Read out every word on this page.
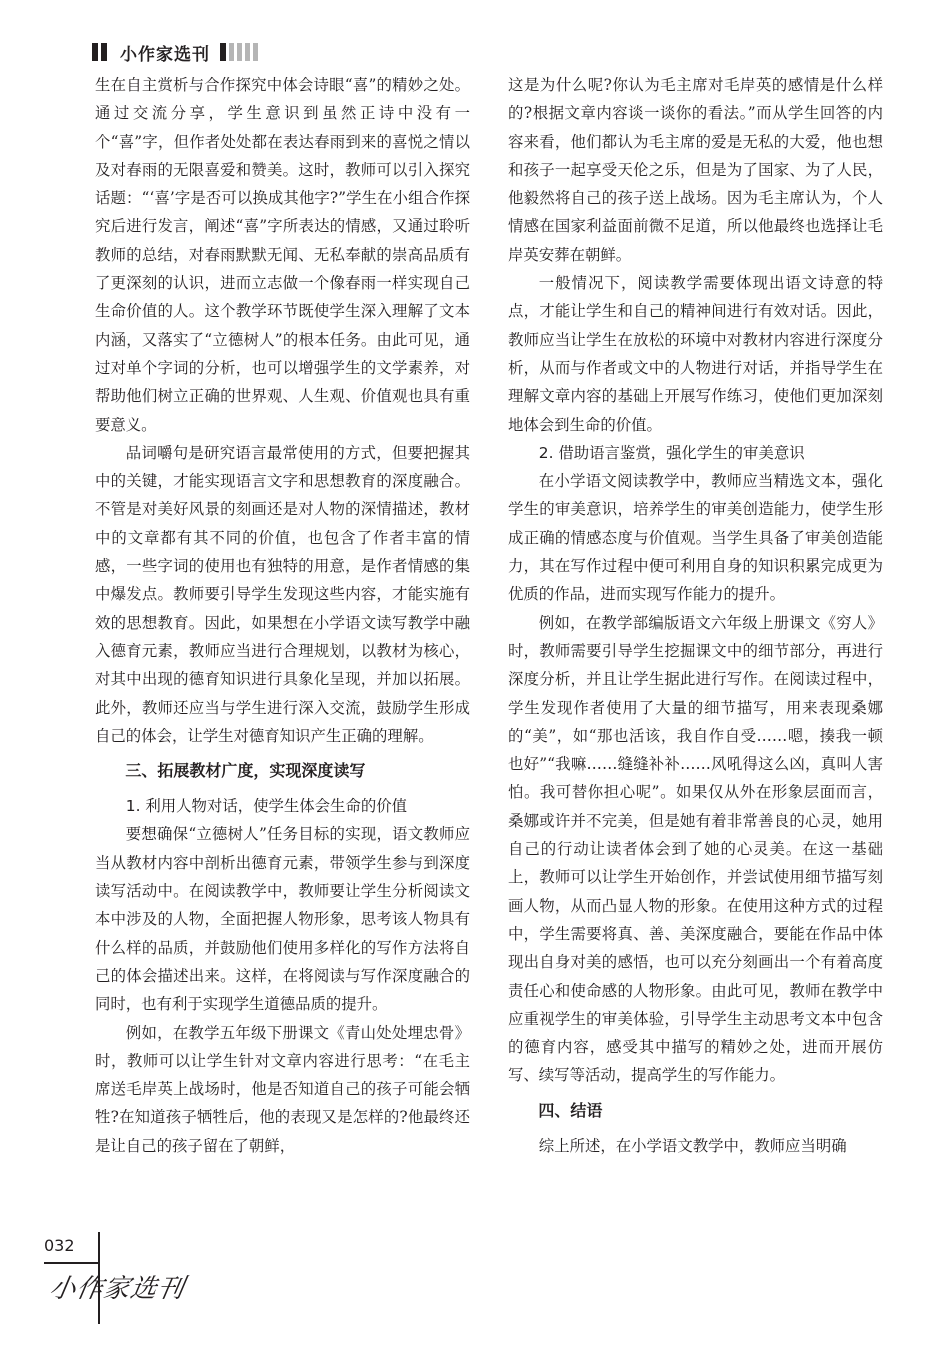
小作家选刊

生在自主赏析与合作探究中体会诗眼“喜”的精妙之处。通过交流分享，学生意识到虽然正诗中没有一个“喜”字，但作者处处都在表达春雨到来的喜悦之情以及对春雨的无限喜爱和赞美。这时，教师可以引入探究话题：“‘喜’字是否可以换成其他字?”学生在小组合作探究后进行发言，阐述“喜”字所表达的情感，又通过聆听教师的总结，对春雨默默无闻、无私奉献的崇高品质有了更深刻的认识，进而立志做一个像春雨一样实现自己生命价值的人。这个教学环节既使学生深入理解了文本内涵，又落实了“立德树人”的根本任务。由此可见，通过对单个字词的分析，也可以增强学生的文学素养，对帮助他们树立正确的世界观、人生观、价值观也具有重要意义。

品词嚼句是研究语言最常使用的方式，但要把握其中的关键，才能实现语言文字和思想教育的深度融合。不管是对美好风景的刻画还是对人物的深情描述，教材中的文章都有其不同的价值，也包含了作者丰富的情感，一些字词的使用也有独特的用意，是作者情感的集中爆发点。教师要引导学生发现这些内容，才能实施有效的思想教育。因此，如果想在小学语文读写教学中融入德育元素，教师应当进行合理规划，以教材为核心，对其中出现的德育知识进行具象化呈现，并加以拓展。此外，教师还应当与学生进行深入交流，鼓励学生形成自己的体会，让学生对德育知识产生正确的理解。

三、拓展教材广度，实现深度读写

1. 利用人物对话，使学生体会生命的价值

要想确保“立德树人”任务目标的实现，语文教师应当从教材内容中剖析出德育元素，带领学生参与到深度读写活动中。在阅读教学中，教师要让学生分析阅读文本中涉及的人物，全面把握人物形象，思考该人物具有什么样的品质，并鼓励他们使用多样化的写作方法将自己的体会描述出来。这样，在将阅读与写作深度融合的同时，也有利于实现学生道德品质的提升。

例如，在教学五年级下册课文《青山处处埋忠骨》时，教师可以让学生针对文章内容进行思考：“在毛主席送毛岸英上战场时，他是否知道自己的孩子可能会牺牲?在知道孩子牺牲后，他的表现又是怎样的?他最终还是让自己的孩子留在了朝鲜，

这是为什么呢?你认为毛主席对毛岸英的感情是什么样的?根据文章内容谈一谈你的看法。”而从学生回答的内容来看，他们都认为毛主席的爱是无私的大爱，他也想和孩子一起享受天伦之乐，但是为了国家、为了人民，他毅然将自己的孩子送上战场。因为毛主席认为，个人情感在国家利益面前微不足道，所以他最终也选择让毛岸英安葬在朝鲜。

一般情况下，阅读教学需要体现出语文诗意的特点，才能让学生和自己的精神间进行有效对话。因此，教师应当让学生在放松的环境中对教材内容进行深度分析，从而与作者或文中的人物进行对话，并指导学生在理解文章内容的基础上开展写作练习，使他们更加深刻地体会到生命的价值。

2. 借助语言鉴赏，强化学生的审美意识

在小学语文阅读教学中，教师应当精选文本，强化学生的审美意识，培养学生的审美创造能力，使学生形成正确的情感态度与价值观。当学生具备了审美创造能力，其在写作过程中便可利用自身的知识积累完成更为优质的作品，进而实现写作能力的提升。

例如，在教学部编版语文六年级上册课文《穷人》时，教师需要引导学生挖掘课文中的细节部分，再进行深度分析，并且让学生据此进行写作。在阅读过程中，学生发现作者使用了大量的细节描写，用来表现桑娜的“美”，如“那也活该，我自作自受……嗯，揍我一顿也好”“我嘛……缝缝补补……风吼得这么凶，真叫人害怕。我可替你担心呢”。如果仅从外在形象层面而言，桑娜或许并不完美，但是她有着非常善良的心灵，她用自己的行动让读者体会到了她的心灵美。在这一基础上，教师可以让学生开始创作，并尝试使用细节描写刻画人物，从而凸显人物的形象。在使用这种方式的过程中，学生需要将真、善、美深度融合，要能在作品中体现出自身对美的感悟，也可以充分刻画出一个有着高度责任心和使命感的人物形象。由此可见，教师在教学中应重视学生的审美体验，引导学生主动思考文本中包含的德育内容，感受其中描写的精妙之处，进而开展仿写、续写等活动，提高学生的写作能力。

四、结语

综上所述，在小学语文教学中，教师应当明确

032
小作家选刊
